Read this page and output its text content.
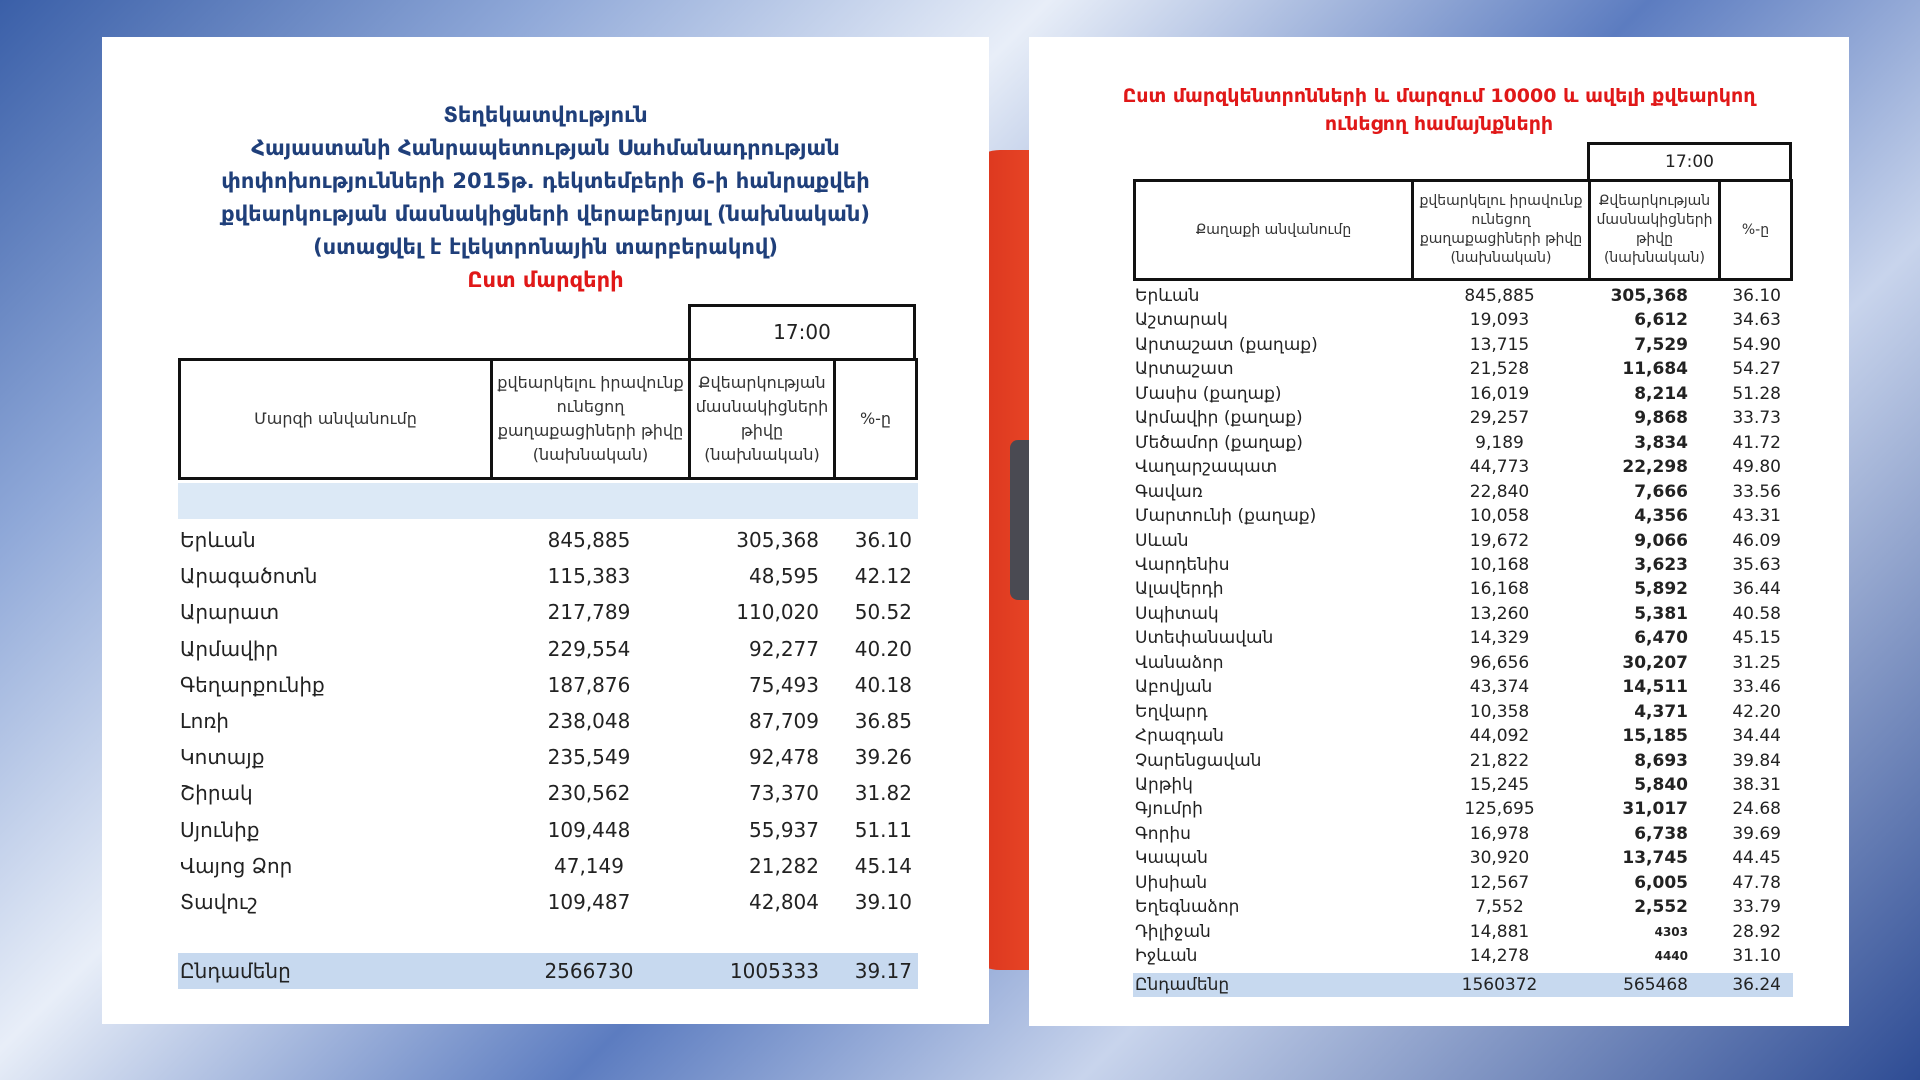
Տեղեկատվություն
Հայաստանի Հանրապետության Սահմանադրության
փոփոխությունների 2015թ. դեկտեմբերի 6-ի հանրաքվեի
քվեարկության մասնակիցների վերաբերյալ (նախնական)
(ստացվել է էլեկտրոնային տարբերակով)
Ըստ մարզերի
17:00
Մարզի անվանումը	քվեարկելու իրավունք ունեցող քաղաքացիների թիվը (նախնական)	Քվեարկության մասնակիցների թիվը (նախնական)	%-ը
Երևան	845,885	305,368	36.10
Արագածոտն	115,383	48,595	42.12
Արարատ	217,789	110,020	50.52
Արմավիր	229,554	92,277	40.20
Գեղարքունիք	187,876	75,493	40.18
Լոռի	238,048	87,709	36.85
Կոտայք	235,549	92,478	39.26
Շիրակ	230,562	73,370	31.82
Սյունիք	109,448	55,937	51.11
Վայոց Ձոր	47,149	21,282	45.14
Տավուշ	109,487	42,804	39.10
Ընդամենը	2566730	1005333	39.17
Ըստ մարզկենտրոնների և մարզում 10000 և ավելի քվեարկող
ունեցող համայնքների
17:00
Քաղաքի անվանումը	քվեարկելու իրավունք ունեցող քաղաքացիների թիվը (նախնական)	Քվեարկության մասնակիցների թիվը (նախնական)	%-ը
Երևան	845,885	305,368	36.10
Աշտարակ	19,093	6,612	34.63
Արտաշատ (քաղաք)	13,715	7,529	54.90
Արտաշատ	21,528	11,684	54.27
Մասիս (քաղաք)	16,019	8,214	51.28
Արմավիր (քաղաք)	29,257	9,868	33.73
Մեծամոր (քաղաք)	9,189	3,834	41.72
Վաղարշապատ	44,773	22,298	49.80
Գավառ	22,840	7,666	33.56
Մարտունի (քաղաք)	10,058	4,356	43.31
Սևան	19,672	9,066	46.09
Վարդենիս	10,168	3,623	35.63
Ալավերդի	16,168	5,892	36.44
Սպիտակ	13,260	5,381	40.58
Ստեփանավան	14,329	6,470	45.15
Վանաձոր	96,656	30,207	31.25
Աբովյան	43,374	14,511	33.46
Եղվարդ	10,358	4,371	42.20
Հրազդան	44,092	15,185	34.44
Չարենցավան	21,822	8,693	39.84
Արթիկ	15,245	5,840	38.31
Գյումրի	125,695	31,017	24.68
Գորիս	16,978	6,738	39.69
Կապան	30,920	13,745	44.45
Սիսիան	12,567	6,005	47.78
Եղեգնաձոր	7,552	2,552	33.79
Դիլիջան	14,881	4303	28.92
Իջևան	14,278	4440	31.10
Ընդամենը	1560372	565468	36.24
